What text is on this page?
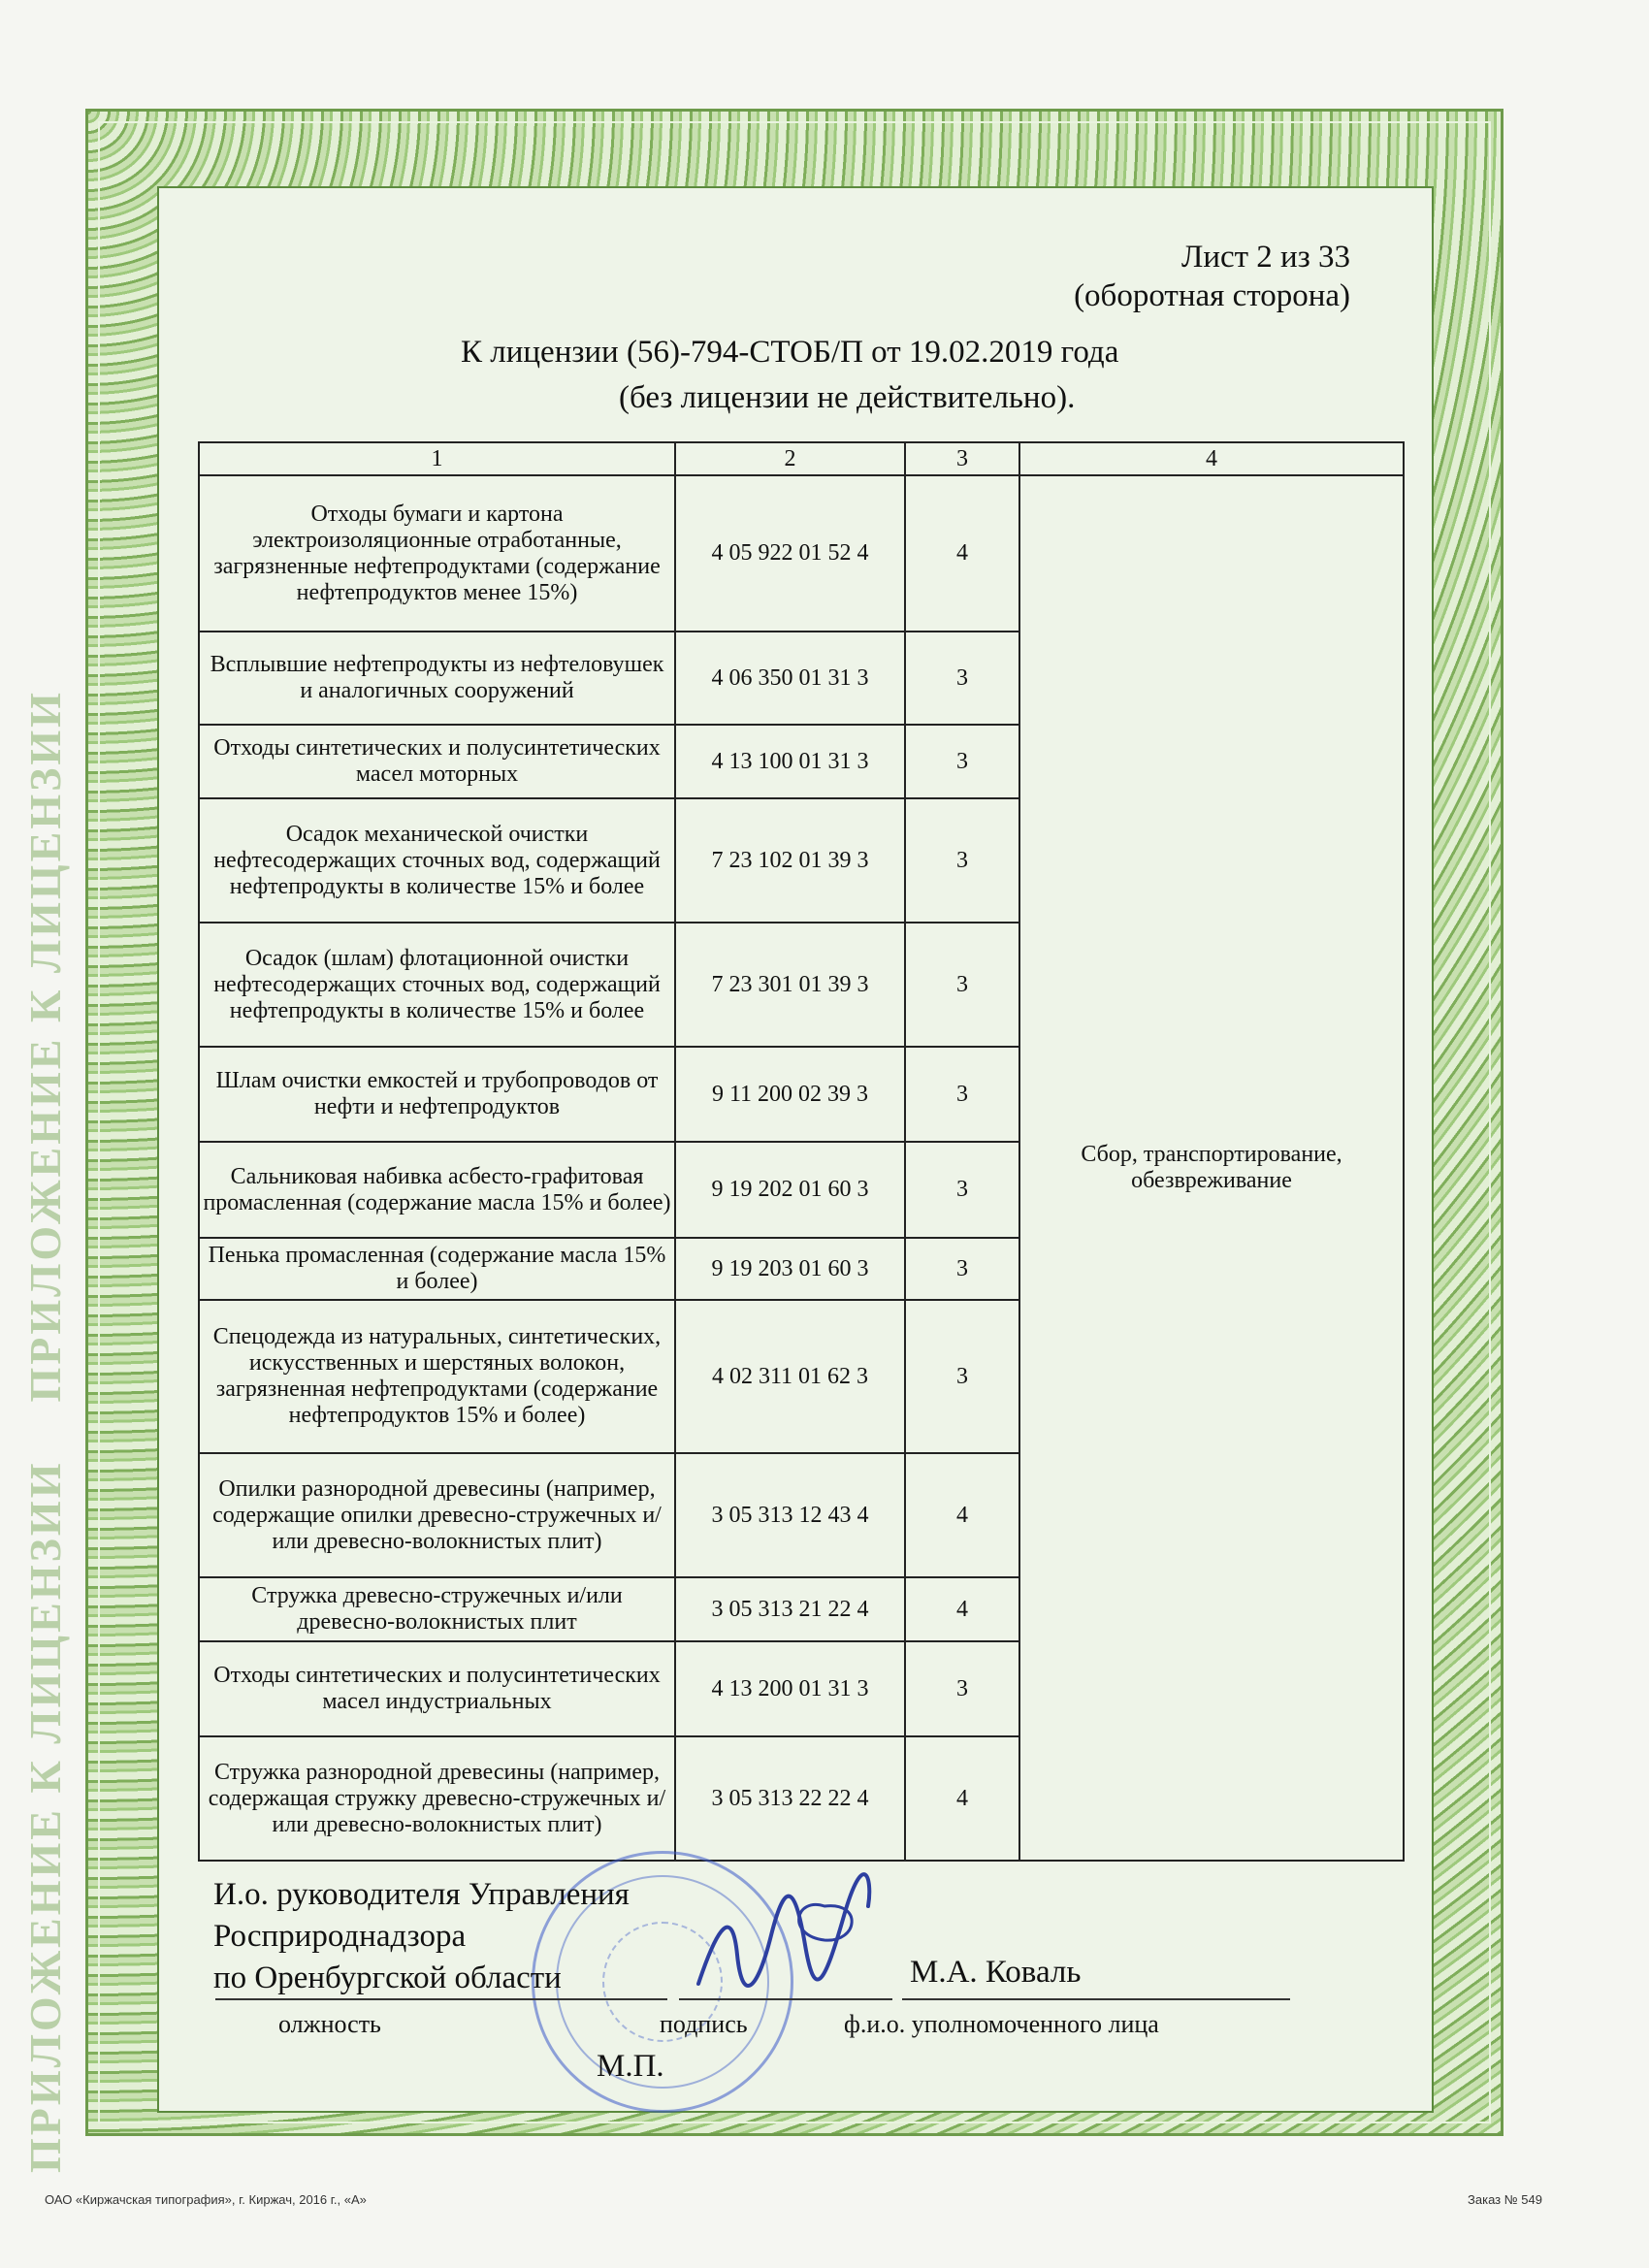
ПРИЛОЖЕНИЕ К ЛИЦЕНЗИИПРИЛОЖЕНИЕ К ЛИЦЕНЗИИ
Лист 2 из 33
(оборотная сторона)
К лицензии (56)-794-СТОБ/П от 19.02.2019 года
(без лицензии не действительно).
1	2	3	4
Отходы бумаги и картона электроизоляционные отработанные, загрязненные нефтепродуктами (содержание нефтепродуктов менее 15%)	4 05 922 01 52 4	4	Сбор, транспортирование, обезвреживание
Всплывшие нефтепродукты из нефтеловушек и аналогичных сооружений	4 06 350 01 31 3	3	
Отходы синтетических и полусинтетических масел моторных	4 13 100 01 31 3	3	
Осадок механической очистки нефтесодержащих сточных вод, содержащий нефтепродукты в количестве 15% и более	7 23 102 01 39 3	3	
Осадок (шлам) флотационной очистки нефтесодержащих сточных вод, содержащий нефтепродукты в количестве 15% и более	7 23 301 01 39 3	3	
Шлам очистки емкостей и трубопроводов от нефти и нефтепродуктов	9 11 200 02 39 3	3	
Сальниковая набивка асбесто-графитовая промасленная (содержание масла 15% и более)	9 19 202 01 60 3	3	
Пенька промасленная (содержание масла 15% и более)	9 19 203 01 60 3	3	
Спецодежда из натуральных, синтетических, искусственных и шерстяных волокон, загрязненная нефтепродуктами (содержание нефтепродуктов 15% и более)	4 02 311 01 62 3	3	
Опилки разнородной древесины (например, содержащие опилки древесно-стружечных и/или древесно-волокнистых плит)	3 05 313 12 43 4	4	
Стружка древесно-стружечных и/или древесно-волокнистых плит	3 05 313 21 22 4	4	
Отходы синтетических и полусинтетических масел индустриальных	4 13 200 01 31 3	3	
Стружка разнородной древесины (например, содержащая стружку древесно-стружечных и/или древесно-волокнистых плит)	3 05 313 22 22 4	4	
И.о. руководителя Управления
Росприроднадзора
по Оренбургской области	М.А. Коваль
олжность	подпись	ф.и.о. уполномоченного лица
М.П.
ОАО «Киржачская типография», г. Киржач, 2016 г., «А»	Заказ № 549
